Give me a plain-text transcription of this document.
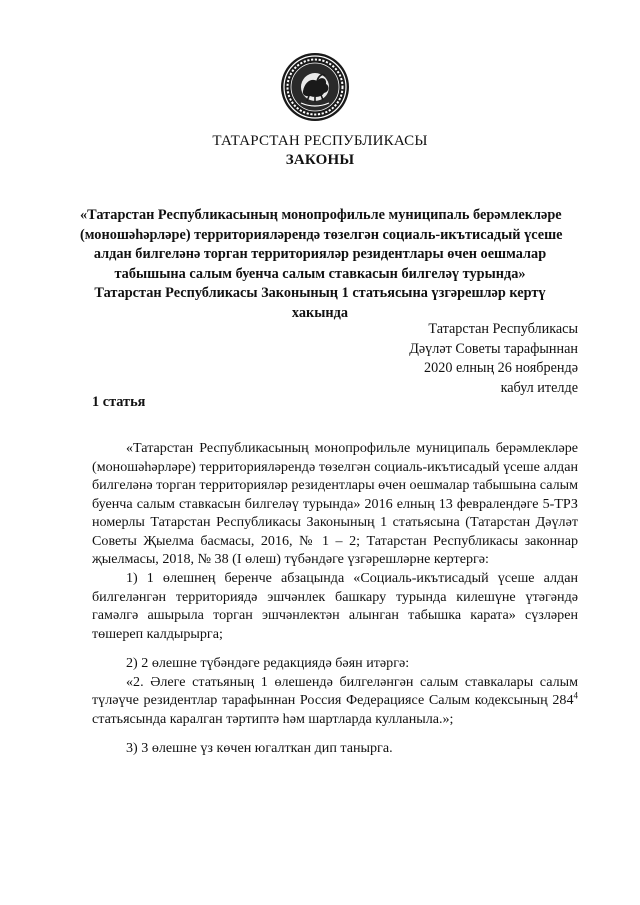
ТАТАРСТАН РЕСПУБЛИКАСЫ
ЗАКОНЫ
«Татарстан Республикасының монопрофильле муниципаль берәмлекләре
(моношәһәрләре) территорияләрендә төзелгән социаль-икътисадый үсеше
алдан билгеләнә торган территорияләр резидентлары өчен оешмалар
табышына салым буенча салым ставкасын билгеләү турында»
Татарстан Республикасы Законының 1 статьясына үзгәрешләр кертү
хакында
Татарстан Республикасы
Дәүләт Советы тарафыннан
2020 елның 26 ноябрендә
кабул ителде
1 статья

«Татарстан Республикасының монопрофильле муниципаль берәмлекләре (моношәһәрләре) территорияләрендә төзелгән социаль-икътисадый үсеше алдан билгеләнә торган территорияләр резидентлары өчен оешмалар табышына салым буенча салым ставкасын билгеләү турында» 2016 елның 13 февралендәге 5-ТРЗ номерлы Татарстан Республикасы Законының 1 статьясына (Татарстан Дәүләт Советы Җыелма басмасы, 2016, № 1 – 2; Татарстан Республикасы законнар җыелмасы, 2018, № 38 (I өлеш) түбәндәге үзгәрешләрне кертергә:

1) 1 өлешнең беренче абзацында «Социаль-икътисадый үсеше алдан билгеләнгән территориядә эшчәнлек башкару турында килешүне үтәгәндә гамәлгә ашырыла торган эшчәнлектән алынган табышка карата» сүзләрен төшереп калдырырга;

2) 2 өлешне түбәндәге редакциядә бәян итәргә:
«2. Әлеге статьяның 1 өлешендә билгеләнгән салым ставкалары салым түләүче резидентлар тарафыннан Россия Федерациясе Салым кодексының $284^4$ статьясында каралган тәртиптә һәм шартларда кулланыла.»;

3) 3 өлешне үз көчен югалткан дип танырга.
